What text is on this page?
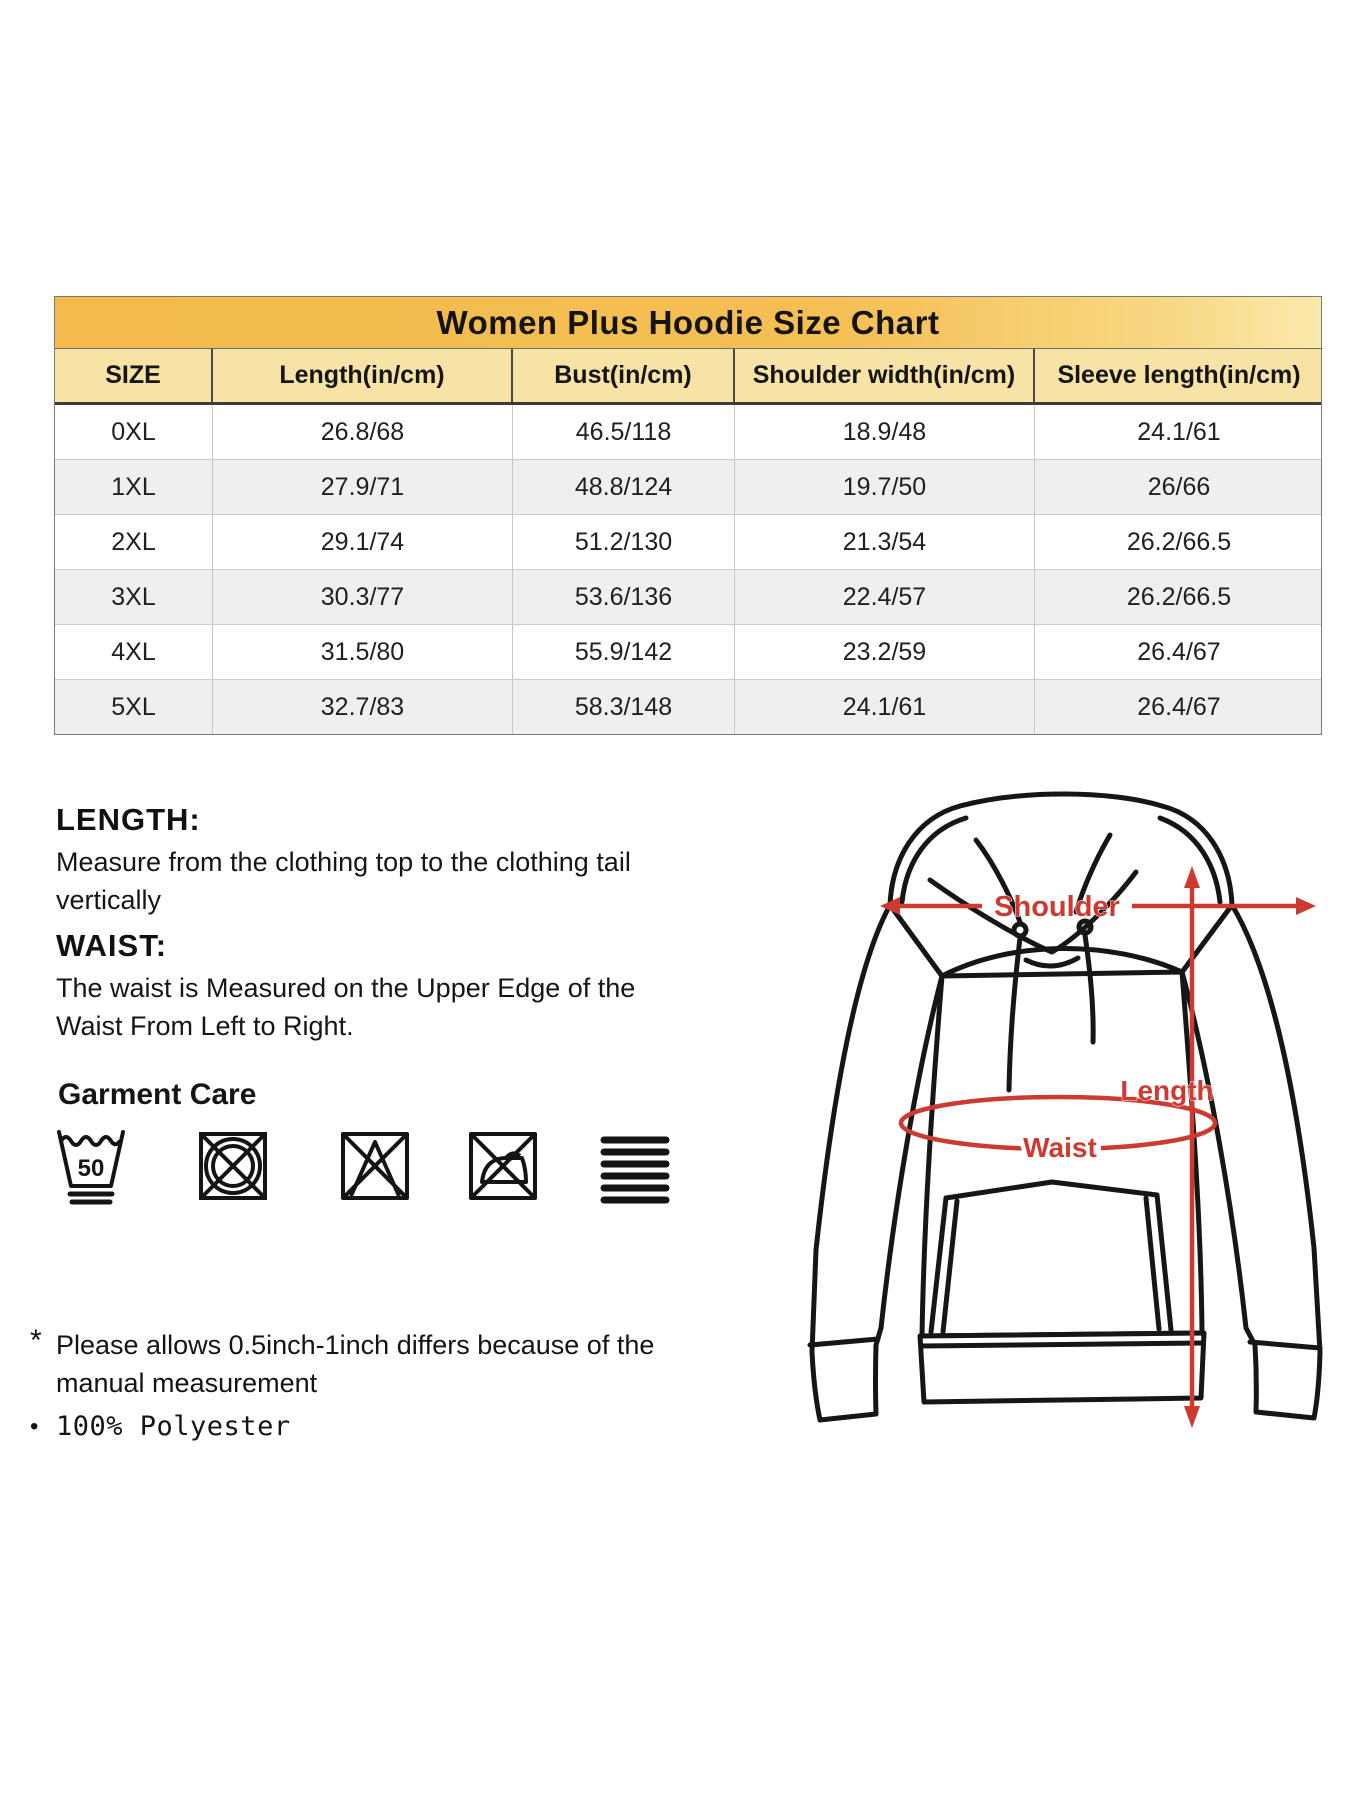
Women Plus Hoodie Size Chart
SIZE	Length(in/cm)	Bust(in/cm)	Shoulder width(in/cm)	Sleeve length(in/cm)
0XL	26.8/68	46.5/118	18.9/48	24.1/61
1XL	27.9/71	48.8/124	19.7/50	26/66
2XL	29.1/74	51.2/130	21.3/54	26.2/66.5
3XL	30.3/77	53.6/136	22.4/57	26.2/66.5
4XL	31.5/80	55.9/142	23.2/59	26.4/67
5XL	32.7/83	58.3/148	24.1/61	26.4/67
LENGTH:
Measure from the clothing top to the clothing tail vertically
WAIST:
The waist is Measured on the Upper Edge of the Waist From Left to Right.
Garment Care
50
* Please allows 0.5inch-1inch differs because of the manual measurement
• 100% Polyester
Shoulder
Length
Waist
